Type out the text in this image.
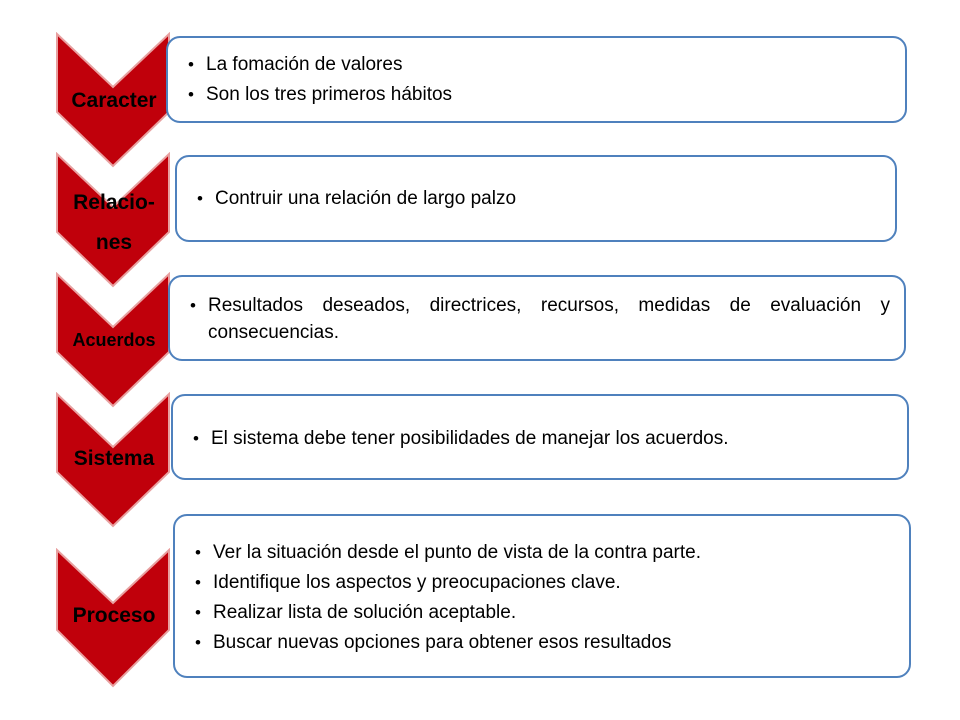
Caracter
Relacio-
nes
Acuerdos
Sistema
Proceso
• La fomación de valores
• Son los tres primeros hábitos
• Contruir una relación de largo palzo
• Resultados deseados, directrices, recursos, medidas de evaluación y consecuencias.
• El sistema debe tener posibilidades de manejar los acuerdos.
• Ver la situación desde el punto de vista de la contra parte.
• Identifique los aspectos y preocupaciones clave.
• Realizar lista de solución aceptable.
• Buscar nuevas opciones para obtener esos resultados
